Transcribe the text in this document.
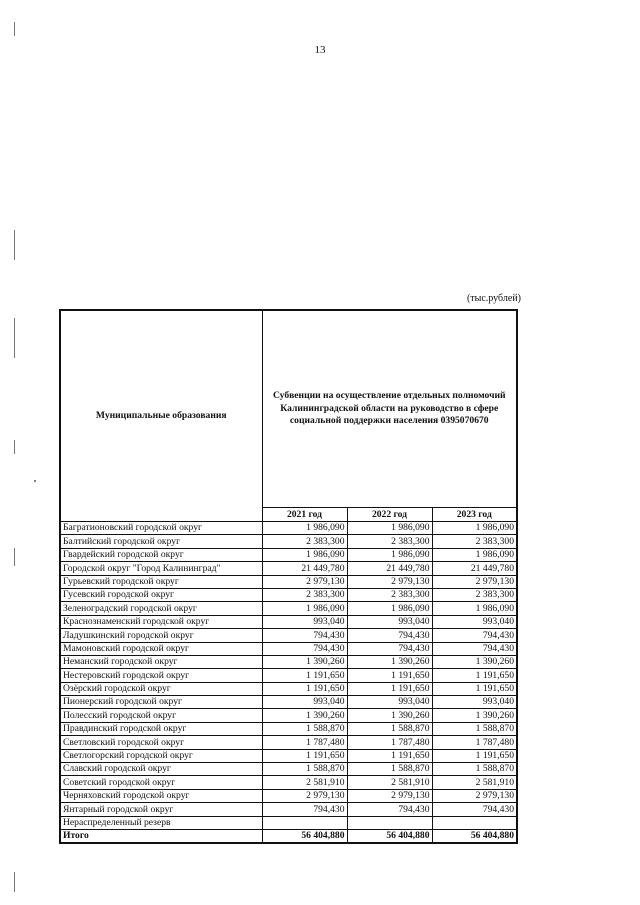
13
(тыс.рублей)
Муниципальные образования	Субвенции на осуществление отдельных полномочий Калининградской области на руководство в сфере социальной поддержки населения 0395070670		
	2021 год	2022 год	2023 год
Багратионовский городской округ	1 986,090	1 986,090	1 986,090
Балтийский городской округ	2 383,300	2 383,300	2 383,300
Гвардейский городской округ	1 986,090	1 986,090	1 986,090
Городской округ "Город Калининград"	21 449,780	21 449,780	21 449,780
Гурьевский городской округ	2 979,130	2 979,130	2 979,130
Гусевский городской округ	2 383,300	2 383,300	2 383,300
Зеленоградский городской округ	1 986,090	1 986,090	1 986,090
Краснознаменский городской округ	993,040	993,040	993,040
Ладушкинский городской округ	794,430	794,430	794,430
Мамоновский городской округ	794,430	794,430	794,430
Неманский городской округ	1 390,260	1 390,260	1 390,260
Нестеровский городской округ	1 191,650	1 191,650	1 191,650
Озёрский городской округ	1 191,650	1 191,650	1 191,650
Пионерский городской округ	993,040	993,040	993,040
Полесский городской округ	1 390,260	1 390,260	1 390,260
Правдинский городской округ	1 588,870	1 588,870	1 588,870
Светловский городской округ	1 787,480	1 787,480	1 787,480
Светлогорский городской округ	1 191,650	1 191,650	1 191,650
Славский городской округ	1 588,870	1 588,870	1 588,870
Советский городской округ	2 581,910	2 581,910	2 581,910
Черняховский городской округ	2 979,130	2 979,130	2 979,130
Янтарный городской округ	794,430	794,430	794,430
Нераспределенный резерв			
Итого	56 404,880	56 404,880	56 404,880
